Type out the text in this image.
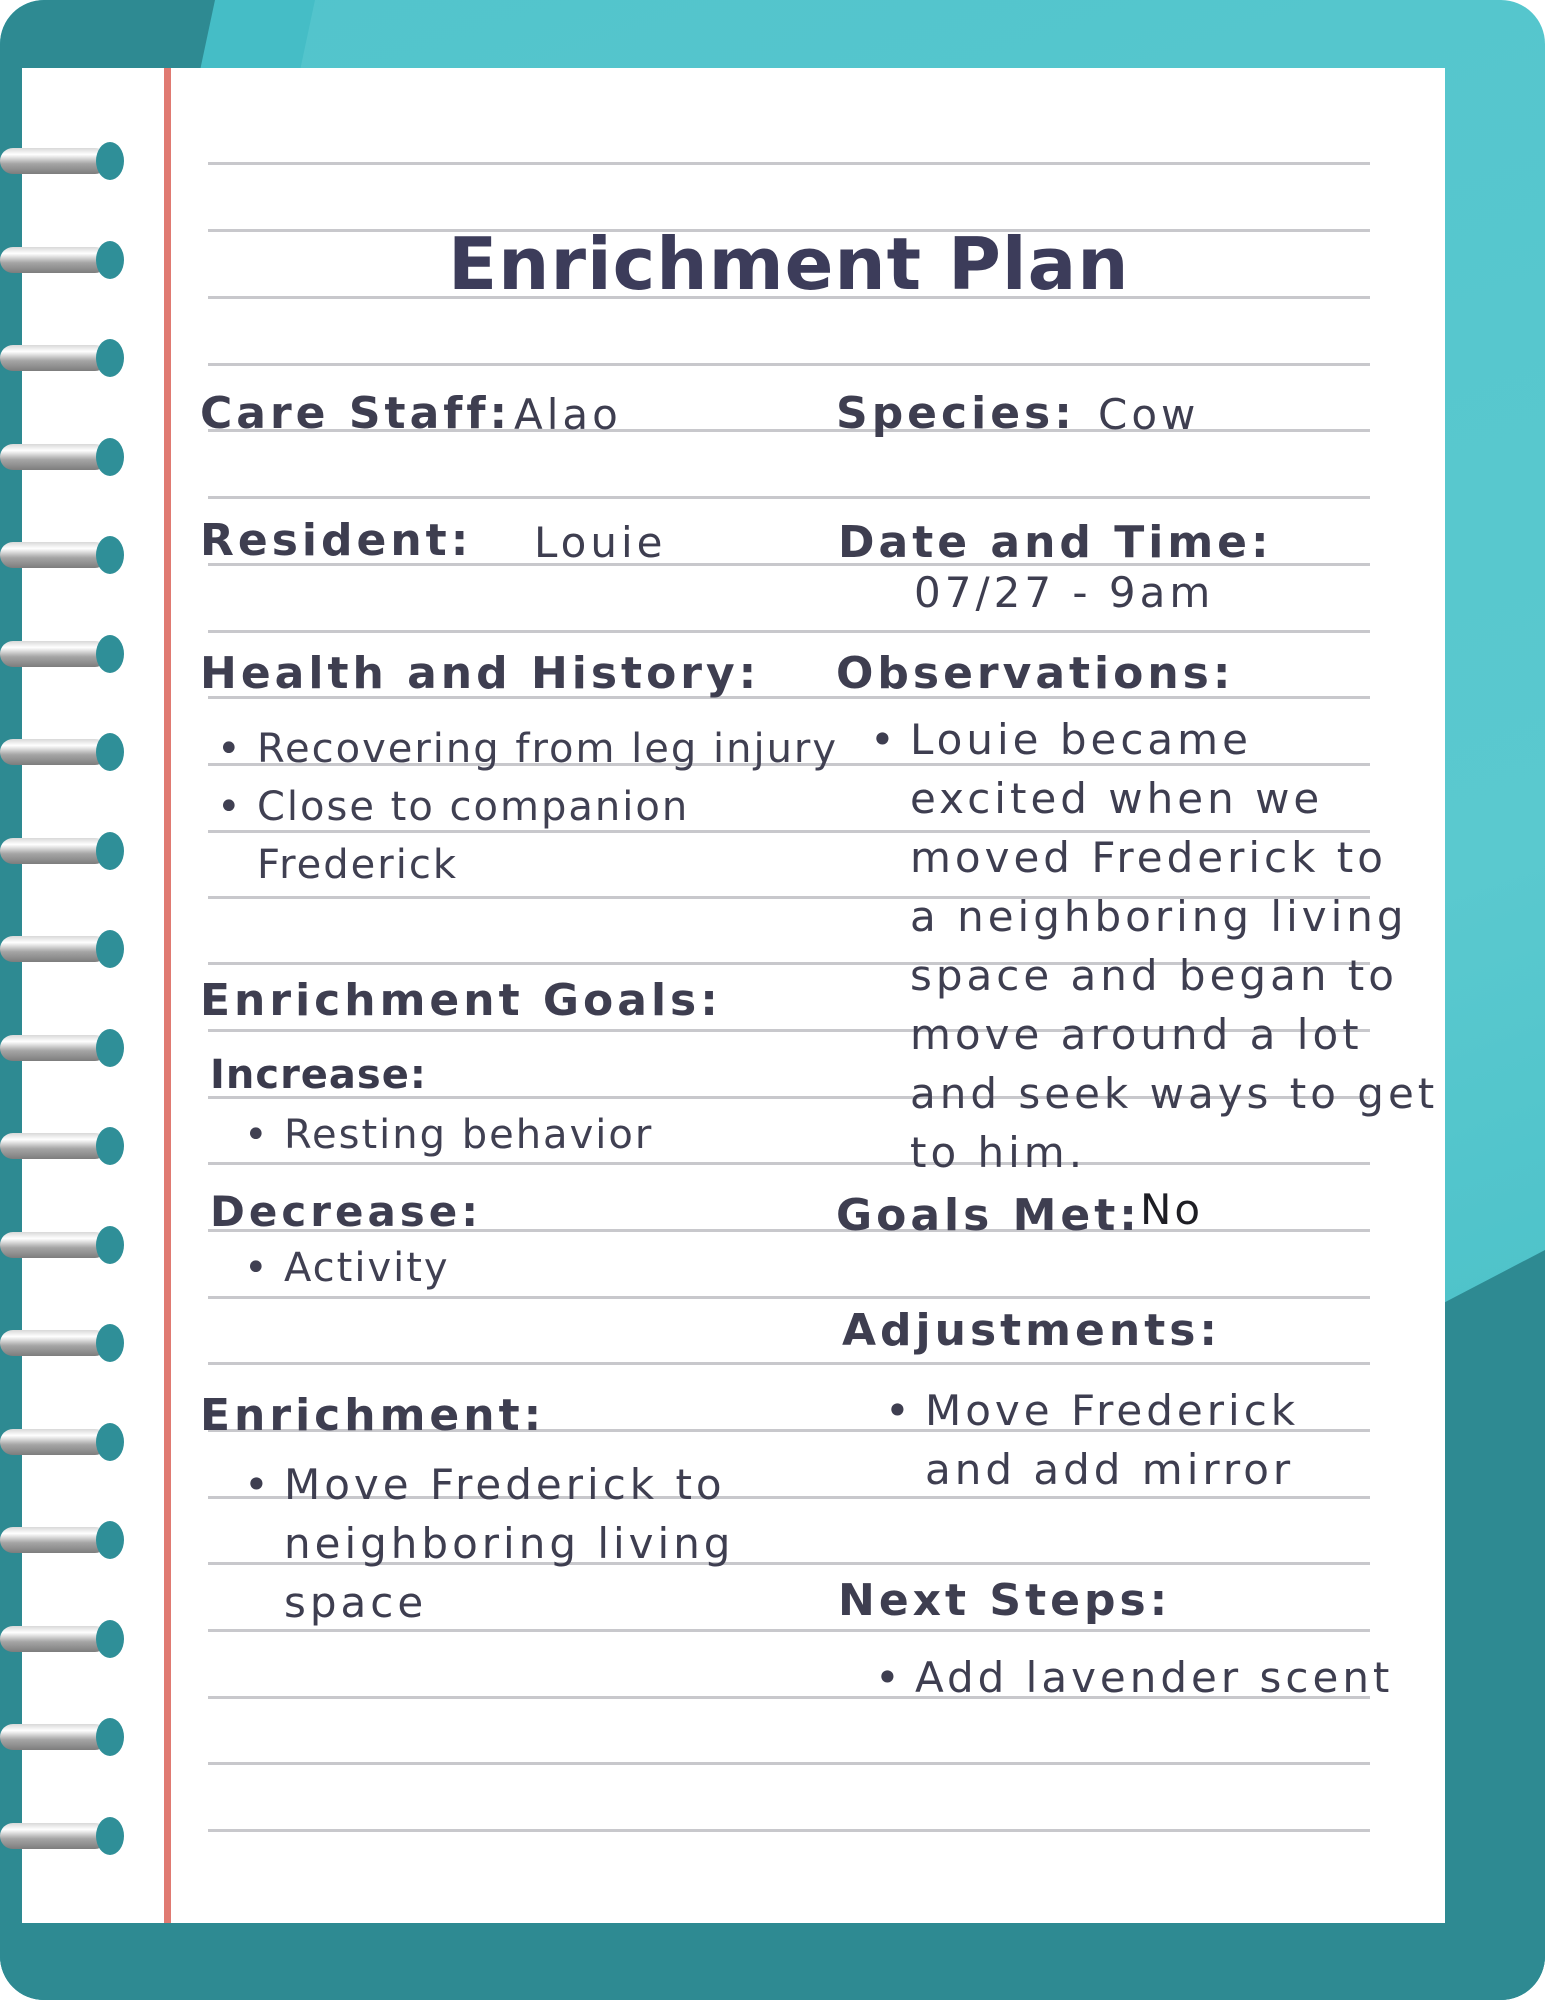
Enrichment Plan
Care Staff: Alao	Species: Cow
Resident: Louie	Date and Time:
07/27 - 9am
Health and History:
• Recovering from leg injury
• Close to companion
Frederick
Observations:
• Louie became
excited when we
moved Frederick to
a neighboring living
space and began to
move around a lot
and seek ways to get
to him.
Enrichment Goals:
Increase:
• Resting behavior
Decrease:
• Activity
Goals Met: No
Adjustments:
• Move Frederick
and add mirror
Enrichment:
• Move Frederick to
neighboring living
space	Next Steps:
• Add lavender scent
